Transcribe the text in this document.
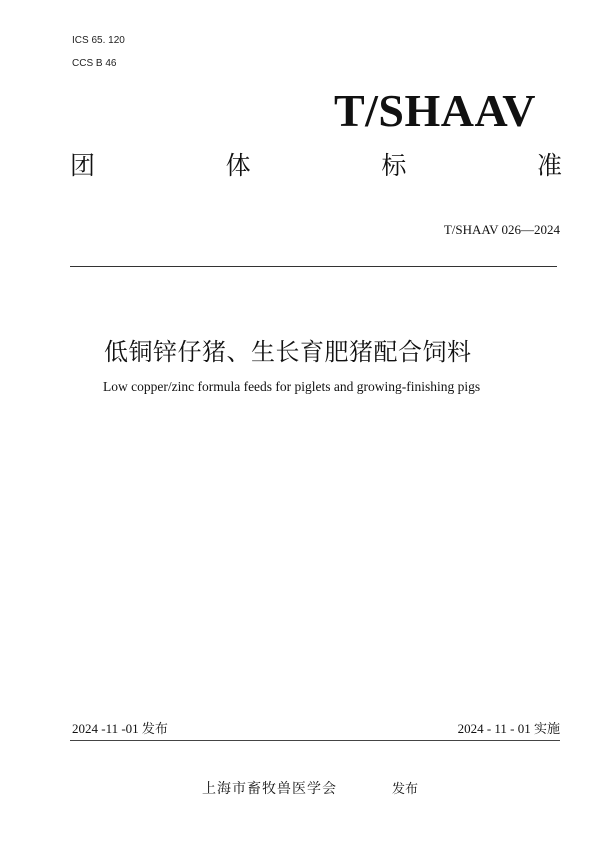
ICS 65. 120
CCS B 46
T/SHAAV
团	体	标	准
T/SHAAV 026—2024
低铜锌仔猪、生长育肥猪配合饲料
Low copper/zinc formula feeds for piglets and growing-finishing pigs
2024 -11 -01 发布	2024 - 11 - 01 实施
上海市畜牧兽医学会	发布
